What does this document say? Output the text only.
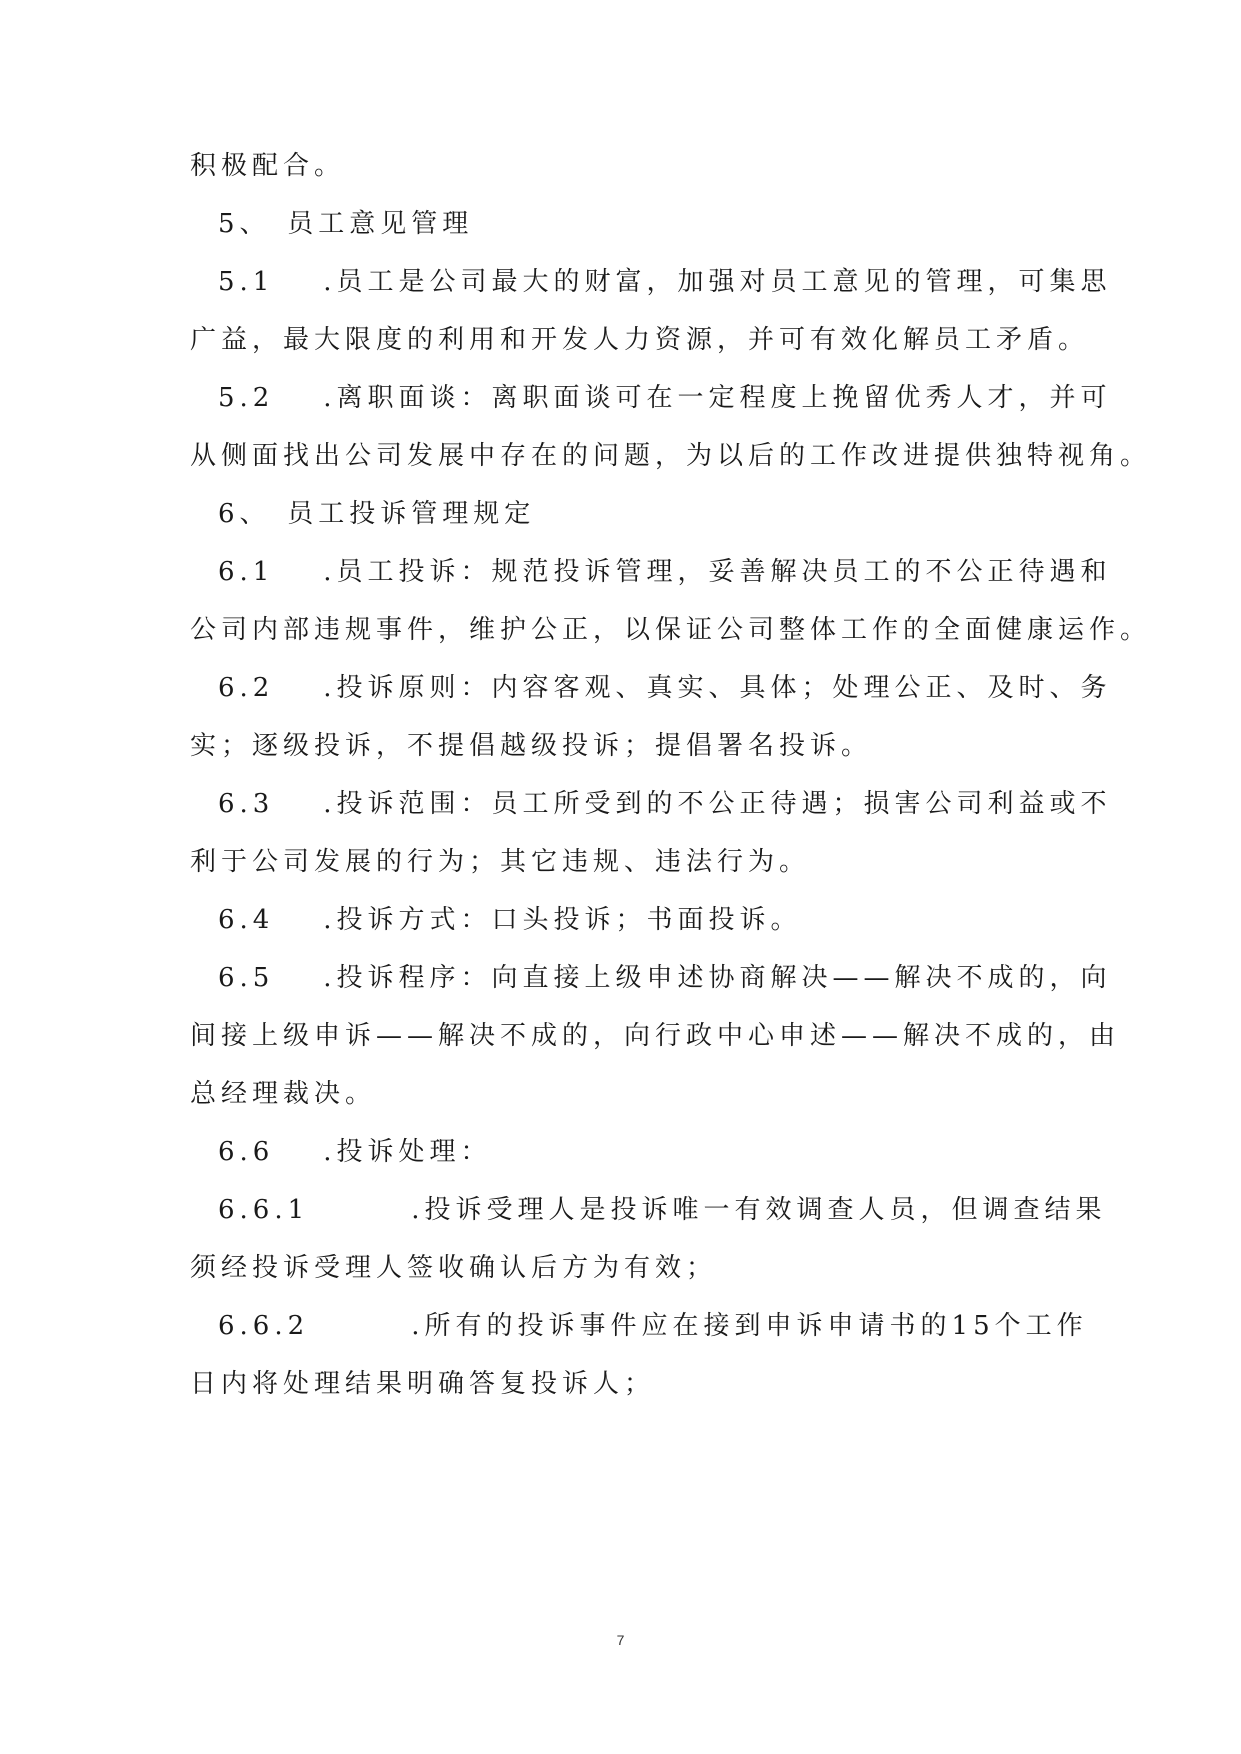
积极配合。
5、 员工意见管理
5.1 .员工是公司最大的财富，加强对员工意见的管理，可集思
广益，最大限度的利用和开发人力资源，并可有效化解员工矛盾。
5.2 .离职面谈：离职面谈可在一定程度上挽留优秀人才，并可
从侧面找出公司发展中存在的问题，为以后的工作改进提供独特视角。
6、 员工投诉管理规定
6.1 .员工投诉：规范投诉管理，妥善解决员工的不公正待遇和
公司内部违规事件，维护公正，以保证公司整体工作的全面健康运作。
6.2 .投诉原则：内容客观、真实、具体；处理公正、及时、务
实；逐级投诉，不提倡越级投诉；提倡署名投诉。
6.3 .投诉范围：员工所受到的不公正待遇；损害公司利益或不
利于公司发展的行为；其它违规、违法行为。
6.4 .投诉方式：口头投诉；书面投诉。
6.5 .投诉程序：向直接上级申述协商解决——解决不成的，向
间接上级申诉——解决不成的，向行政中心申述——解决不成的，由
总经理裁决。
6.6 .投诉处理：
6.6.1	.投诉受理人是投诉唯一有效调查人员，但调查结果
须经投诉受理人签收确认后方为有效；
6.6.2	.所有的投诉事件应在接到申诉申请书的15个工作
日内将处理结果明确答复投诉人；
7
